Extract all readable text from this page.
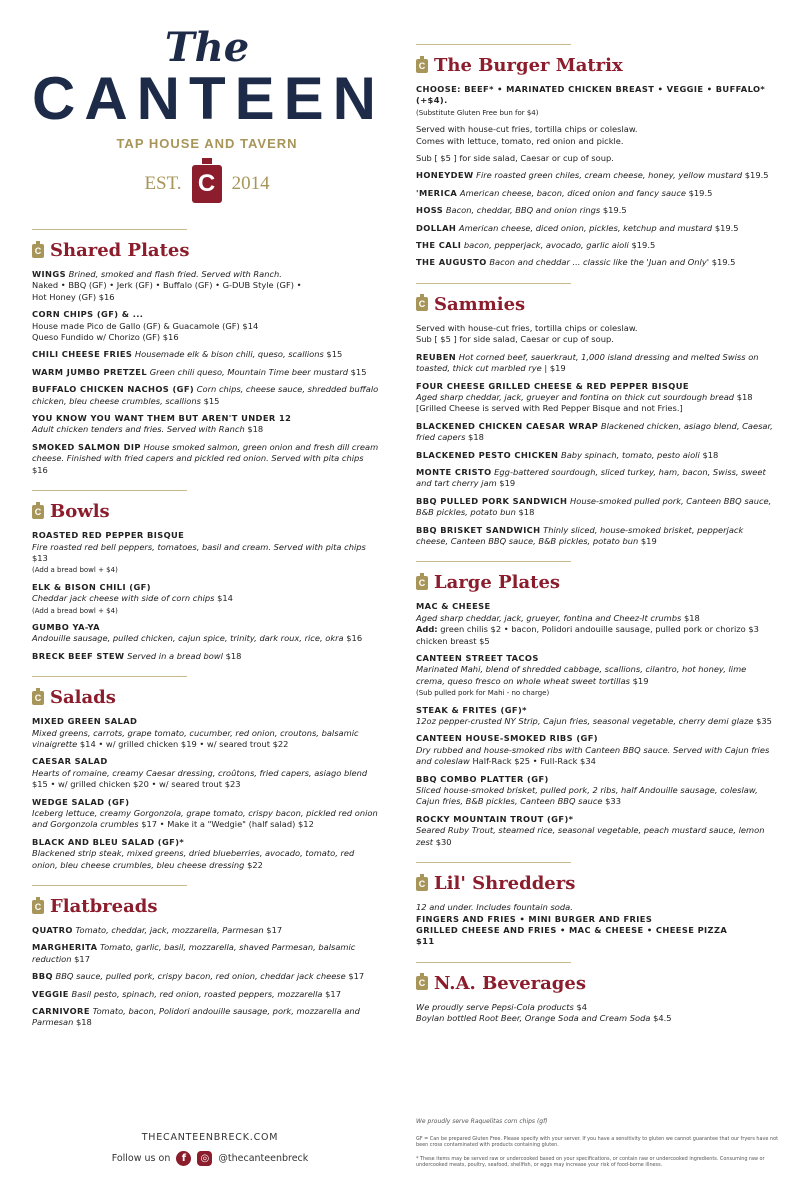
The
CANTEEN
TAP HOUSE AND TAVERN
EST. C 2014
C Shared Plates
WINGS Brined, smoked and flash fried. Served with Ranch.
Naked • BBQ (GF) • Jerk (GF) • Buffalo (GF) • G-DUB Style (GF) •
Hot Honey (GF) $16
CORN CHIPS (GF) & ...
House made Pico de Gallo (GF) & Guacamole (GF) $14
Queso Fundido w/ Chorizo (GF) $16
CHILI CHEESE FRIES Housemade elk & bison chili, queso, scallions $15
WARM JUMBO PRETZEL Green chili queso, Mountain Time beer mustard $15
BUFFALO CHICKEN NACHOS (GF) Corn chips, cheese sauce, shredded buffalo chicken, bleu cheese crumbles, scallions $15
YOU KNOW YOU WANT THEM BUT AREN'T UNDER 12
Adult chicken tenders and fries. Served with Ranch $18
SMOKED SALMON DIP House smoked salmon, green onion and fresh dill cream cheese. Finished with fried capers and pickled red onion. Served with pita chips $16
C Bowls
ROASTED RED PEPPER BISQUE
Fire roasted red bell peppers, tomatoes, basil and cream. Served with pita chips $13
(Add a bread bowl + $4)
ELK & BISON CHILI (GF)
Cheddar jack cheese with side of corn chips $14
(Add a bread bowl + $4)
GUMBO YA-YA
Andouille sausage, pulled chicken, cajun spice, trinity, dark roux, rice, okra $16
BRECK BEEF STEW Served in a bread bowl $18
C Salads
MIXED GREEN SALAD
Mixed greens, carrots, grape tomato, cucumber, red onion, croutons, balsamic vinaigrette $14 • w/ grilled chicken $19 • w/ seared trout $22
CAESAR SALAD
Hearts of romaine, creamy Caesar dressing, croûtons, fried capers, asiago blend $15 • w/ grilled chicken $20 • w/ seared trout $23
WEDGE SALAD (GF)
Iceberg lettuce, creamy Gorgonzola, grape tomato, crispy bacon, pickled red onion and Gorgonzola crumbles $17 • Make it a "Wedgie" (half salad) $12
BLACK AND BLEU SALAD (GF)*
Blackened strip steak, mixed greens, dried blueberries, avocado, tomato, red onion, bleu cheese crumbles, bleu cheese dressing $22
C Flatbreads
QUATRO Tomato, cheddar, jack, mozzarella, Parmesan $17
MARGHERITA Tomato, garlic, basil, mozzarella, shaved Parmesan, balsamic reduction $17
BBQ BBQ sauce, pulled pork, crispy bacon, red onion, cheddar jack cheese $17
VEGGIE Basil pesto, spinach, red onion, roasted peppers, mozzarella $17
CARNIVORE Tomato, bacon, Polidori andouille sausage, pork, mozzarella and Parmesan $18
THECANTEENBRECK.COM
Follow us on	f	◎ @thecanteenbreck
C The Burger Matrix
CHOOSE: BEEF* • MARINATED CHICKEN BREAST • VEGGIE • BUFFALO* (+$4).
(Substitute Gluten Free bun for $4)
Served with house-cut fries, tortilla chips or coleslaw.
Comes with lettuce, tomato, red onion and pickle.
Sub [ $5 ] for side salad, Caesar or cup of soup.
HONEYDEW Fire roasted green chiles, cream cheese, honey, yellow mustard $19.5
'MERICA American cheese, bacon, diced onion and fancy sauce $19.5
HOSS Bacon, cheddar, BBQ and onion rings $19.5
DOLLAH American cheese, diced onion, pickles, ketchup and mustard $19.5
THE CALI bacon, pepperjack, avocado, garlic aioli $19.5
THE AUGUSTO Bacon and cheddar ... classic like the 'Juan and Only' $19.5
C Sammies
Served with house-cut fries, tortilla chips or coleslaw.
Sub [ $5 ] for side salad, Caesar or cup of soup.
REUBEN Hot corned beef, sauerkraut, 1,000 island dressing and melted Swiss on toasted, thick cut marbled rye | $19
FOUR CHEESE GRILLED CHEESE & RED PEPPER BISQUE
Aged sharp cheddar, jack, grueyer and fontina on thick cut sourdough bread $18
[Grilled Cheese is served with Red Pepper Bisque and not Fries.]
BLACKENED CHICKEN CAESAR WRAP Blackened chicken, asiago blend, Caesar, fried capers $18
BLACKENED PESTO CHICKEN Baby spinach, tomato, pesto aioli $18
MONTE CRISTO Egg-battered sourdough, sliced turkey, ham, bacon, Swiss, sweet and tart cherry jam $19
BBQ PULLED PORK SANDWICH House-smoked pulled pork, Canteen BBQ sauce, B&B pickles, potato bun $18
BBQ BRISKET SANDWICH Thinly sliced, house-smoked brisket, pepperjack cheese, Canteen BBQ sauce, B&B pickles, potato bun $19
C Large Plates
MAC & CHEESE
Aged sharp cheddar, jack, grueyer, fontina and Cheez-It crumbs $18
Add: green chilis $2 • bacon, Polidori andouille sausage, pulled pork or chorizo $3 chicken breast $5
CANTEEN STREET TACOS
Marinated Mahi, blend of shredded cabbage, scallions, cilantro, hot honey, lime crema, queso fresco on whole wheat sweet tortillas $19
(Sub pulled pork for Mahi - no charge)
STEAK & FRITES (GF)*
12oz pepper-crusted NY Strip, Cajun fries, seasonal vegetable, cherry demi glaze $35
CANTEEN HOUSE-SMOKED RIBS (GF)
Dry rubbed and house-smoked ribs with Canteen BBQ sauce. Served with Cajun fries and coleslaw Half-Rack $25 • Full-Rack $34
BBQ COMBO PLATTER (GF)
Sliced house-smoked brisket, pulled pork, 2 ribs, half Andouille sausage, coleslaw, Cajun fries, B&B pickles, Canteen BBQ sauce $33
ROCKY MOUNTAIN TROUT (GF)*
Seared Ruby Trout, steamed rice, seasonal vegetable, peach mustard sauce, lemon zest $30
C Lil' Shredders
12 and under. Includes fountain soda.
FINGERS AND FRIES • MINI BURGER AND FRIES
GRILLED CHEESE AND FRIES • MAC & CHEESE • CHEESE PIZZA
$11
C N.A. Beverages
We proudly serve Pepsi-Cola products $4
Boylan bottled Root Beer, Orange Soda and Cream Soda $4.5
We proudly serve Raquelitas corn chips (gf)
GF = Can be prepared Gluten Free. Please specify with your server. If you have a sensitivity to gluten we cannot guarantee that our fryers have not been cross contaminated with products containing gluten.
* These items may be served raw or undercooked based on your specifications, or contain raw or undercooked ingredients. Consuming raw or undercooked meats, poultry, seafood, shellfish, or eggs may increase your risk of food-borne illness.
